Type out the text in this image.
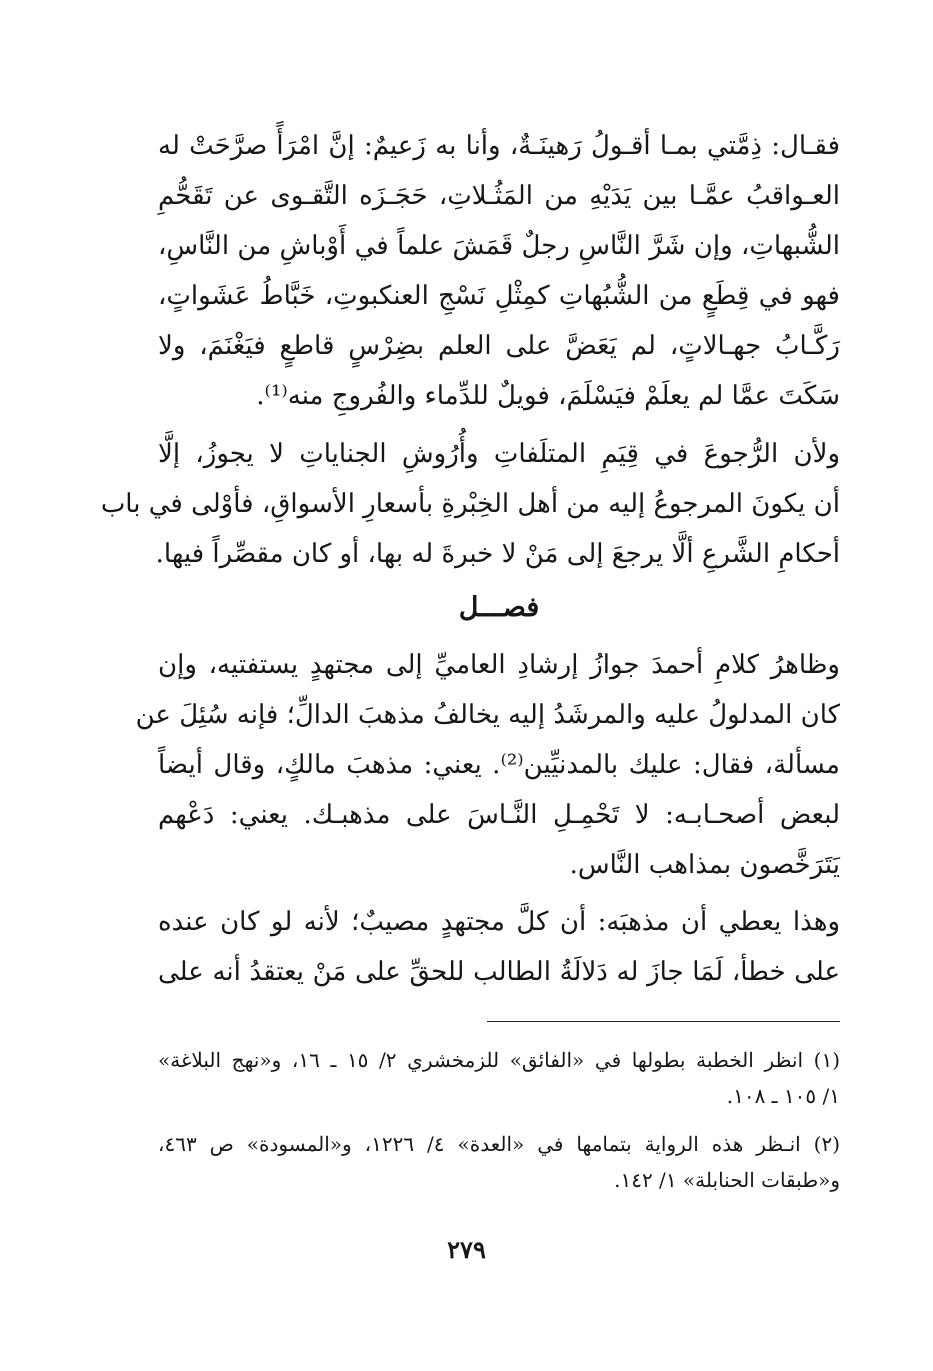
فقـال: ذِمَّتي بمـا أقـولُ رَهينَـةٌ، وأنا به زَعيمٌ: إنَّ امْرَأً صرَّحَتْ له
العـواقبُ عمَّـا بين يَدَيْهِ من المَثُـلاتِ، حَجَـزَه التَّقـوى عن تَقَحُّمِ
الشُّبهاتِ، وإن شَرَّ النَّاسِ رجلٌ قَمَشَ علماً في أَوْباشِ من النَّاسِ،
فهو في قِطَعٍ من الشُّبُهاتِ كمِثْلِ نَسْجِ العنكبوتِ، خَبَّاطُ عَشَواتٍ،
رَكَّـابُ جهـالاتٍ، لم يَعَضَّ على العلم بضِرْسٍ قاطعٍ فيَغْنَمَ، ولا
سَكَتَ عمَّا لم يعلَمْ فيَسْلَمَ، فويلٌ للدِّماء والفُروجِ منه⁽¹⁾.
ولأن الرُّجوعَ في قِيَمِ المتلَفاتِ وأُرُوشِ الجناياتِ لا يجوزُ، إلَّا
أن يكونَ المرجوعُ إليه من أهل الخِبْرةِ بأسعارِ الأسواقِ، فأوْلى في باب
أحكامِ الشَّرعِ ألَّا يرجعَ إلى مَنْ لا خبرةَ له بها، أو كان مقصِّراً فيها.
فصـــل
وظاهرُ كلامِ أحمدَ جوازُ إرشادِ العاميِّ إلى مجتهدٍ يستفتيه، وإن
كان المدلولُ عليه والمرشَدُ إليه يخالفُ مذهبَ الدالِّ؛ فإنه سُئِلَ عن
مسألة، فقال: عليك بالمدنيِّين⁽²⁾. يعني: مذهبَ مالكٍ، وقال أيضاً
لبعض أصحـابـه: لا تَحْمِـلِ النَّـاسَ على مذهبـك. يعني: دَعْهم
يَتَرَخَّصون بمذاهب النَّاس.
وهذا يعطي أن مذهبَه: أن كلَّ مجتهدٍ مصيبٌ؛ لأنه لو كان عنده
على خطأ، لَمَا جازَ له دَلالَةُ الطالب للحقِّ على مَنْ يعتقدُ أنه على
(١) انظر الخطبة بطولها في «الفائق» للزمخشري ٢/ ١٥ ـ ١٦، و«نهج البلاغة»
١/ ١٠٥ ـ ١٠٨.
(٢) انـظر هذه الرواية بتمامها في «العدة» ٤/ ١٢٢٦، و«المسودة» ص ٤٦٣،
و«طبقات الحنابلة» ١/ ١٤٢.
٢٧٩
